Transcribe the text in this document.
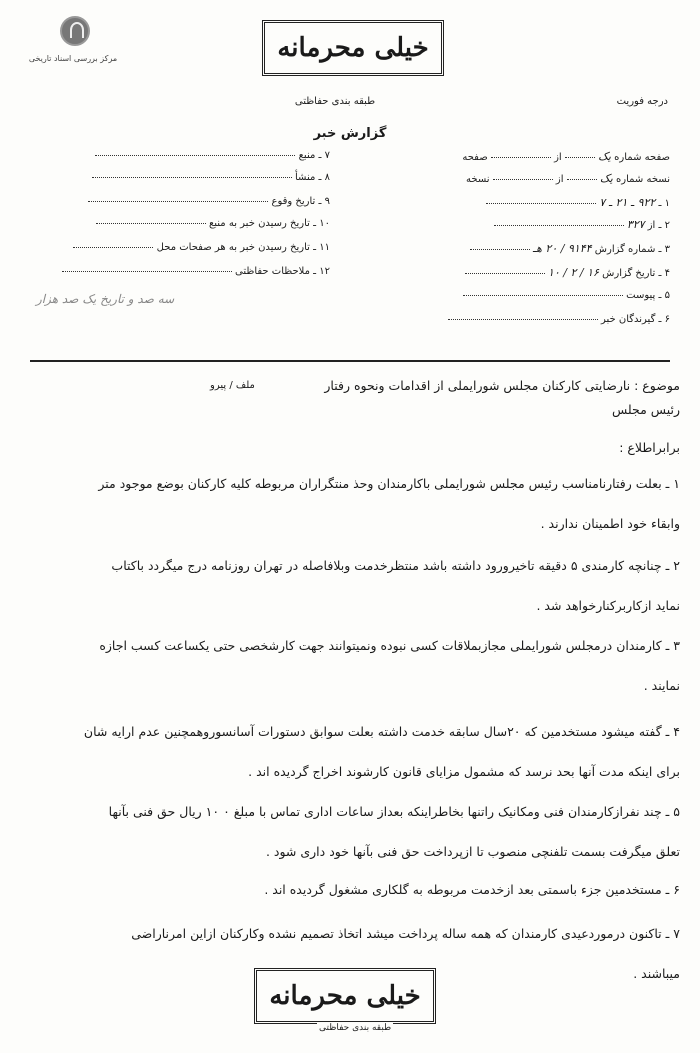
مرکز بررسی اسناد تاریخی	خیلی محرمانه
طبقه بندی حفاظتی	درجه فوریت
گزارش خبر
صفحه شماره یک  از  صفحه
نسخه شماره یک  از  نسخه
۱ ـ ۹۲۲ ـ ۲۱ ـ ۷
۲ ـ از ۳۲۷
۳ ـ شماره گزارش ۹۱۴۴ / ۲۰ هـ
۴ ـ تاریخ گزارش ۱۶ / ۲ / ۱۰
۵ ـ پیوست
۶ ـ گیرندگان خبر
۷ ـ منبع
۸ ـ منشأ
۹ ـ تاریخ وقوع
۱۰ ـ تاریخ رسیدن خبر به منبع
۱۱ ـ تاریخ رسیدن خبر به هر صفحات محل
۱۲ ـ ملاحظات حفاظتی
سه صد و تاریخ یک صد هزار
موضوع : نارضایتی کارکنان مجلس شورایملی از اقدامات ونحوه رفتار
ملف / پیرو
رئیس مجلس
برابراطلاع :
۱ ـ بعلت رفتارنامناسب رئیس مجلس شورایملی باکارمندان وحذ منتگراران مربوطه کلیه کارکنان بوضع موجود متر
وابقاء خود اطمینان ندارند .
۲ ـ چنانچه کارمندی ۵ دقیقه تاخیرورود داشته باشد منتظرخدمت وبلافاصله در تهران روزنامه درج میگردد باکتاب
نماید ازکاربرکنارخواهد شد .
۳ ـ کارمندان درمجلس شورایملی مجازبملاقات کسی نبوده ونمیتوانند جهت کارشخصی حتی یکساعت کسب اجازه
نمایند .
۴ ـ گفته میشود مستخدمین که ۲۰سال سابقه خدمت داشته بعلت سوابق دستورات آسانسوروهمچنین عدم ارایه شان
برای اینکه مدت آنها بحد نرسد که مشمول مزایای قانون کارشوند اخراج گردیده اند .
۵ ـ چند نفرازکارمندان فنی ومکانیک راتنها بخاطراینکه بعداز ساعات اداری تماس با مبلغ ۰ ۱۰ ریال حق فنی بآنها
تعلق میگرفت بسمت تلفنچی منصوب تا ازپرداخت حق فنی بآنها خود داری شود .
۶ ـ مستخدمین جزء باسمتی بعد ازخدمت مربوطه به گلکاری مشغول گردیده اند .
۷ ـ تاکنون درموردعیدی کارمندان که همه ساله پرداخت میشد اتخاذ تصمیم نشده وکارکنان ازاین امرناراضی
میباشند .
خیلی محرمانه
طبقه بندی حفاظتی
